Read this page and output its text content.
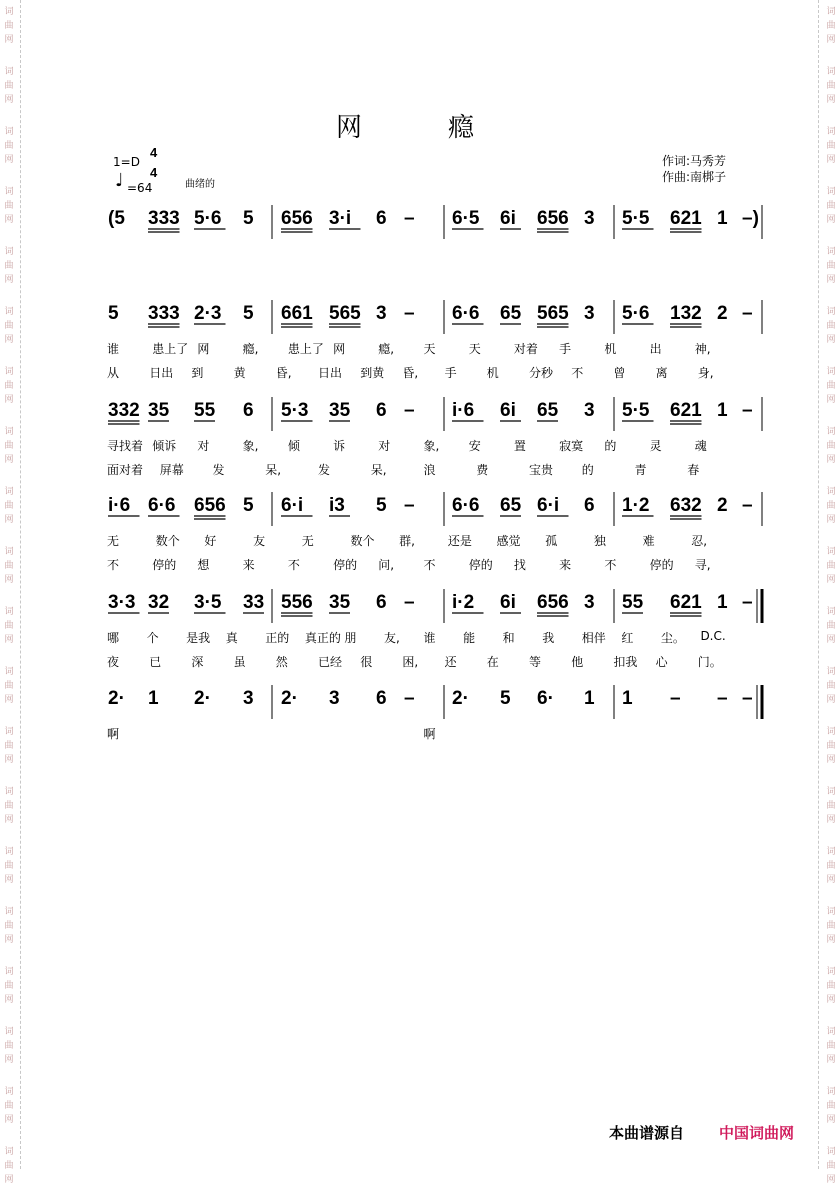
词
曲
网
词
曲
网
词
曲
网
词
曲
网
词
曲
网
词
曲
网
词
曲
网
词
曲
网
词
曲
网
词
曲
网
词
曲
网
词
曲
网
词
曲
网
词
曲
网
词
曲
网
词
曲
网
词
曲
网
词
曲
网
词
曲
网
词
曲
网
词
曲
网
词
曲
网
词
曲
网
词
曲
网
词
曲
网
词
曲
网
词
曲
网
词
曲
网
词
曲
网
词
曲
网
词
曲
网
词
曲
网
词
曲
网
词
曲
网
词
曲
网
词
曲
网
词
曲
网
词
曲
网
词
曲
网
词
曲
网
网　瘾
1=D
4
4
♩ =64	曲绪的
作词:马秀芳
作曲:南梆子
(5 333 5·6 5 656 3·i 6 – 6·5 6i 656 3 5·5 621 1 –)
5 333 2·3 5 661 565 3 – 6·6 65 565 3 5·6 132 2 –
谁	患上了 网	瘾, 患上了 网	瘾, 天	天	对着 手	机	出	神,
从	日出 到	黄	昏, 日出 到黄 昏, 手	机	分秒 不	曾	离	身,
332 35 55 6 5·3 35 6 – i·6 6i 65 3 5·5 621 1 –
寻找着 倾诉 对	象, 倾	诉	对	象, 安	置	寂寞 的	灵	魂
面对着 屏幕 发	呆,	发	呆,	浪	费	宝贵 的	青	春
i·6 6·6 656 5 6·i i3 5 – 6·6 65 6·i 6 1·2 632 2 –
无	数个 好	友	无	数个 群,	还是 感觉 孤	独	难	忍,
不	停的 想	来	不	停的 问, 不	停的 找	来	不	停的 寻,
3·3 32 3·5 33 556 35 6 – i·2 6i 656 3 55 621 1 –
哪 个 是我 真 正的 真正的 朋 友, 谁 能 和 我 相伴 红 尘。 D.C.
夜	已	深	虽	然	已经 很	困, 还	在	等	他	扣我 心	门。
2· 1 2· 3 2· 3 6 – 2· 5 6· 1 1 – – –
啊	啊
本曲谱源自 中国词曲网
